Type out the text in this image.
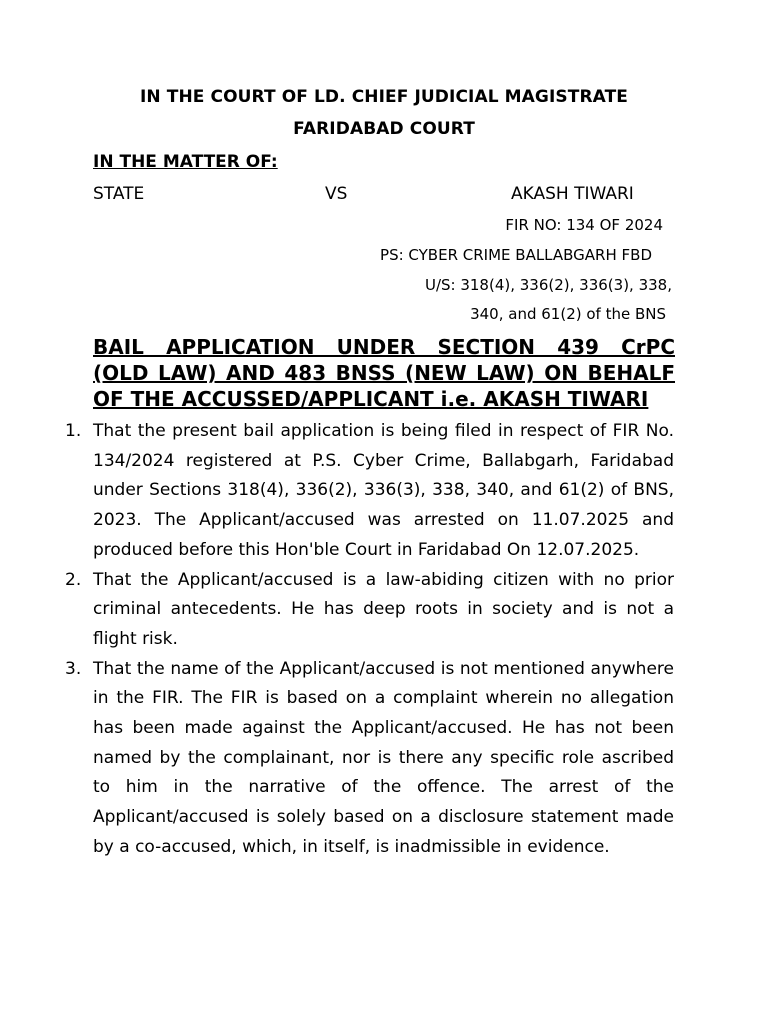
IN THE COURT OF LD. CHIEF JUDICIAL MAGISTRATE
FARIDABAD COURT
IN THE MATTER OF:
STATE	VS	AKASH TIWARI
FIR NO: 134 OF 2024
PS: CYBER CRIME BALLABGARH FBD
U/S: 318(4), 336(2), 336(3), 338,
340, and 61(2) of the BNS
BAIL APPLICATION UNDER SECTION 439 CrPC
(OLD LAW) AND 483 BNSS (NEW LAW) ON BEHALF
OF THE ACCUSSED/APPLICANT i.e. AKASH TIWARI
1. That the present bail application is being filed in respect of FIR No. 134/2024 registered at P.S. Cyber Crime, Ballabgarh, Faridabad under Sections 318(4), 336(2), 336(3), 338, 340, and 61(2) of BNS, 2023. The Applicant/accused was arrested on 11.07.2025 and produced before this Hon'ble Court in Faridabad On 12.07.2025.
2. That the Applicant/accused is a law-abiding citizen with no prior criminal antecedents. He has deep roots in society and is not a flight risk.
3. That the name of the Applicant/accused is not mentioned anywhere in the FIR. The FIR is based on a complaint wherein no allegation has been made against the Applicant/accused. He has not been named by the complainant, nor is there any specific role ascribed to him in the narrative of the offence. The arrest of the Applicant/accused is solely based on a disclosure statement made by a co-accused, which, in itself, is inadmissible in evidence.
